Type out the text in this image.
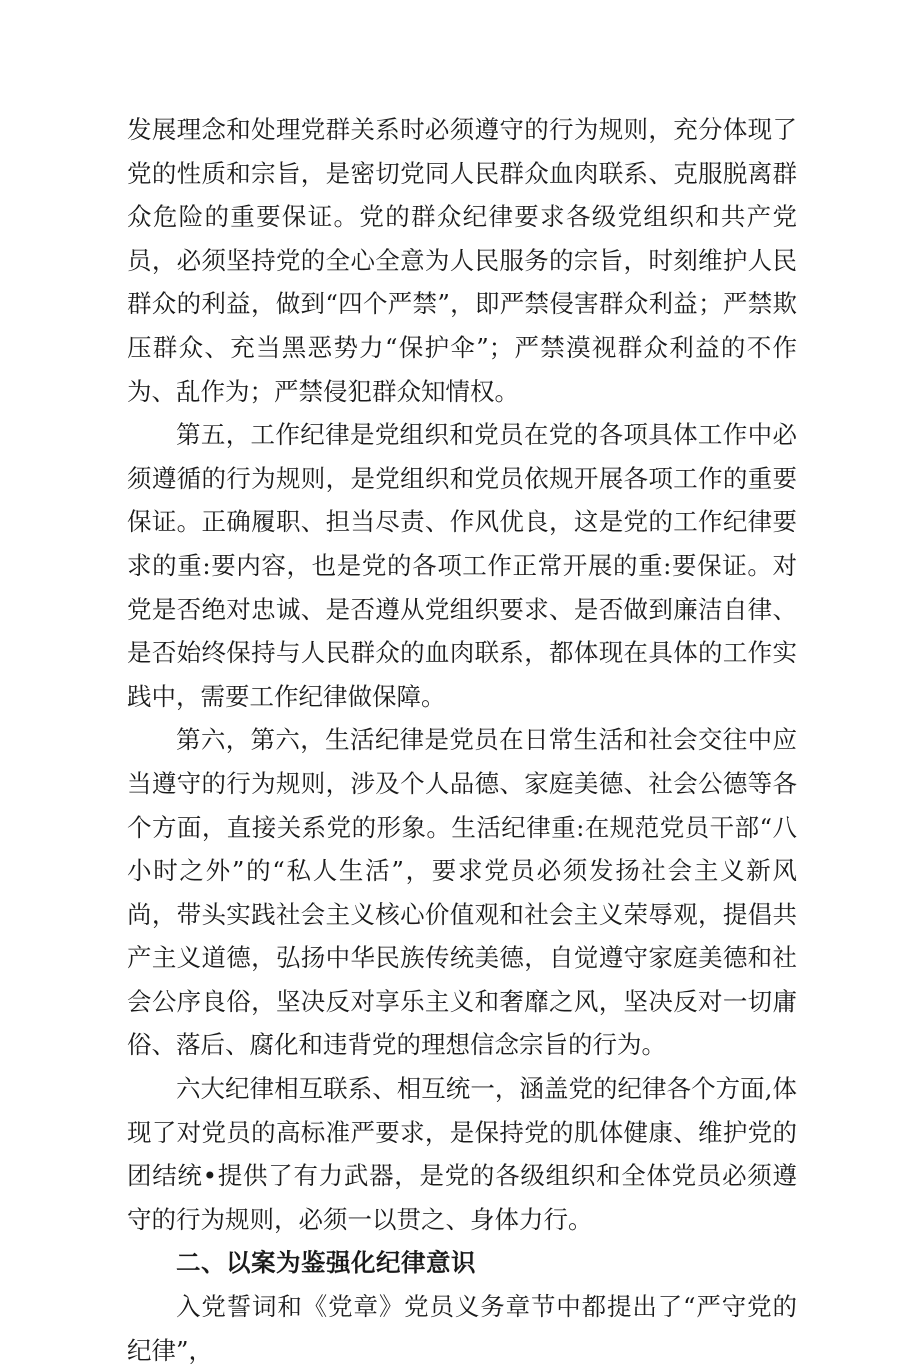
发展理念和处理党群关系时必须遵守的行为规则，充分体现了党的性质和宗旨，是密切党同人民群众血肉联系、克服脱离群众危险的重要保证。党的群众纪律要求各级党组织和共产党员，必须坚持党的全心全意为人民服务的宗旨，时刻维护人民群众的利益，做到“四个严禁”，即严禁侵害群众利益；严禁欺压群众、充当黑恶势力“保护伞”；严禁漠视群众利益的不作为、乱作为；严禁侵犯群众知情权。

第五，工作纪律是党组织和党员在党的各项具体工作中必须遵循的行为规则，是党组织和党员依规开展各项工作的重要保证。正确履职、担当尽责、作风优良，这是党的工作纪律要求的重:要内容，也是党的各项工作正常开展的重:要保证。对党是否绝对忠诚、是否遵从党组织要求、是否做到廉洁自律、是否始终保持与人民群众的血肉联系，都体现在具体的工作实践中，需要工作纪律做保障。

第六，第六，生活纪律是党员在日常生活和社会交往中应当遵守的行为规则，涉及个人品德、家庭美德、社会公德等各个方面，直接关系党的形象。生活纪律重:在规范党员干部“八小时之外”的“私人生活”，要求党员必须发扬社会主义新风尚，带头实践社会主义核心价值观和社会主义荣辱观，提倡共产主义道德，弘扬中华民族传统美德，自觉遵守家庭美德和社会公序良俗，坚决反对享乐主义和奢靡之风，坚决反对一切庸俗、落后、腐化和违背党的理想信念宗旨的行为。

六大纪律相互联系、相互统一，涵盖党的纪律各个方面,体现了对党员的高标准严要求，是保持党的肌体健康、维护党的团结统•提供了有力武器，是党的各级组织和全体党员必须遵守的行为规则，必须一以贯之、身体力行。

二、以案为鉴强化纪律意识

入党誓词和《党章》党员义务章节中都提出了“严守党的纪律”，
